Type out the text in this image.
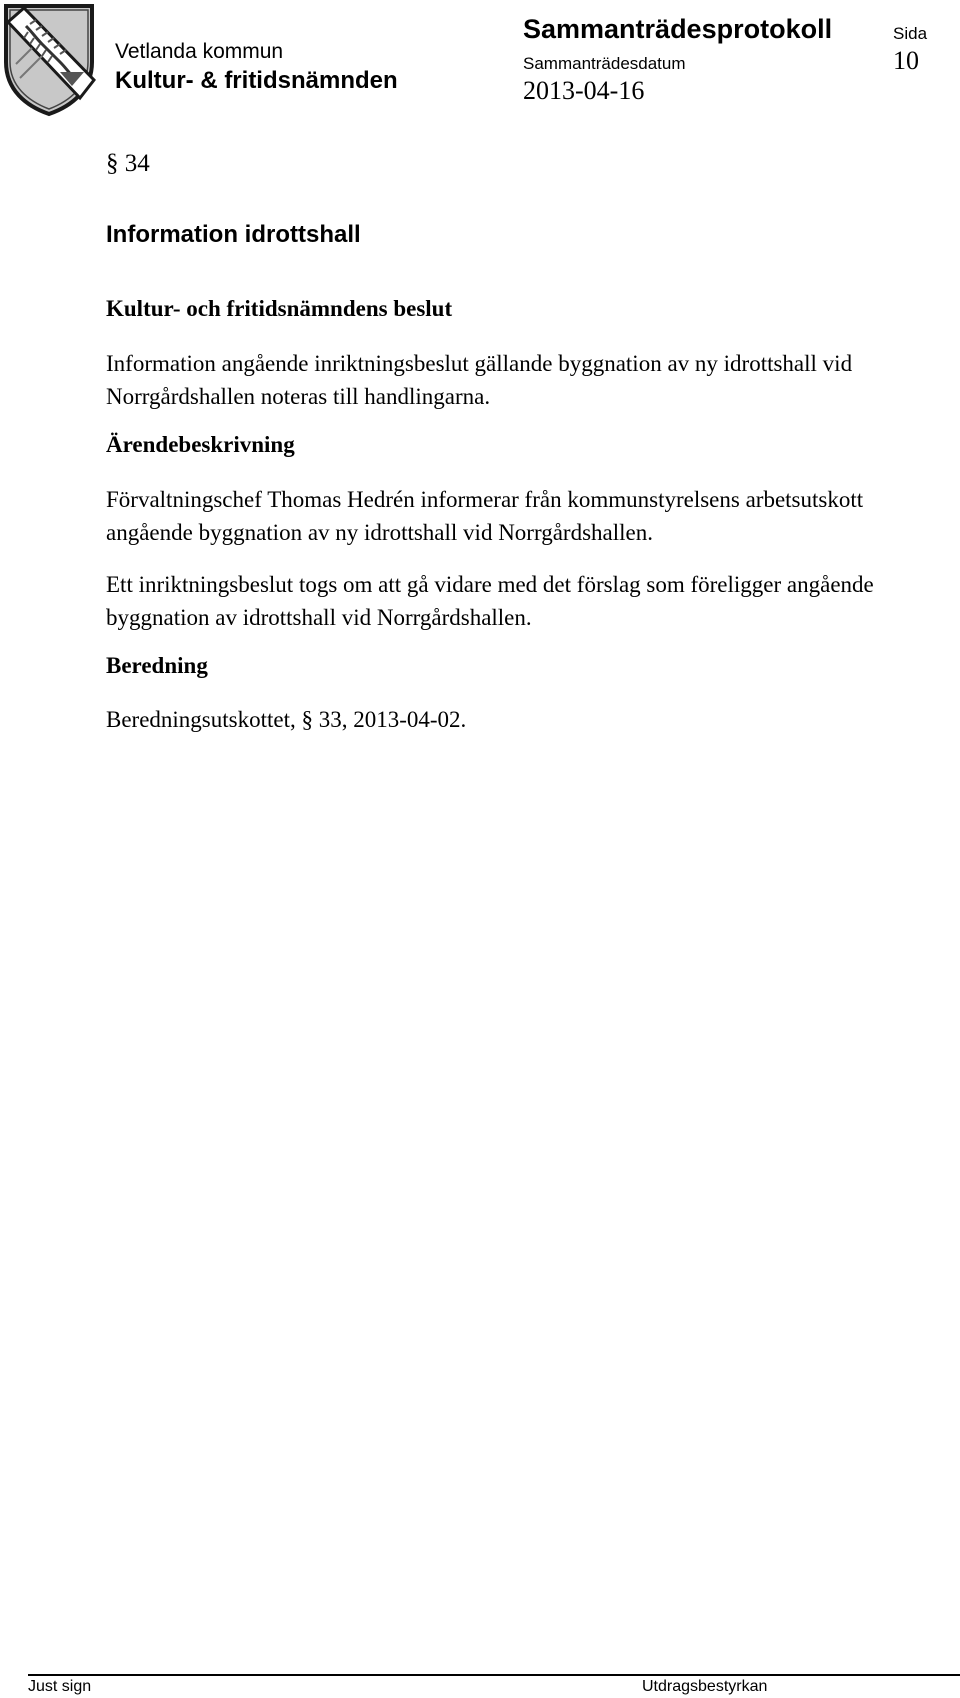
Vetlanda kommun
Kultur- & fritidsnämnden
Sammanträdesprotokoll
Sammanträdesdatum
2013-04-16
Sida
10
§ 34
Information idrottshall
Kultur- och fritidsnämndens beslut
Information angående inriktningsbeslut gällande byggnation av ny idrottshall vid Norrgårdshallen noteras till handlingarna.
Ärendebeskrivning
Förvaltningschef Thomas Hedrén informerar från kommunstyrelsens arbetsutskott angående byggnation av ny idrottshall vid Norrgårdshallen.
Ett inriktningsbeslut togs om att gå vidare med det förslag som föreligger angående byggnation av idrottshall vid Norrgårdshallen.
Beredning
Beredningsutskottet, § 33, 2013-04-02.
Just sign	Utdragsbestyrkan
